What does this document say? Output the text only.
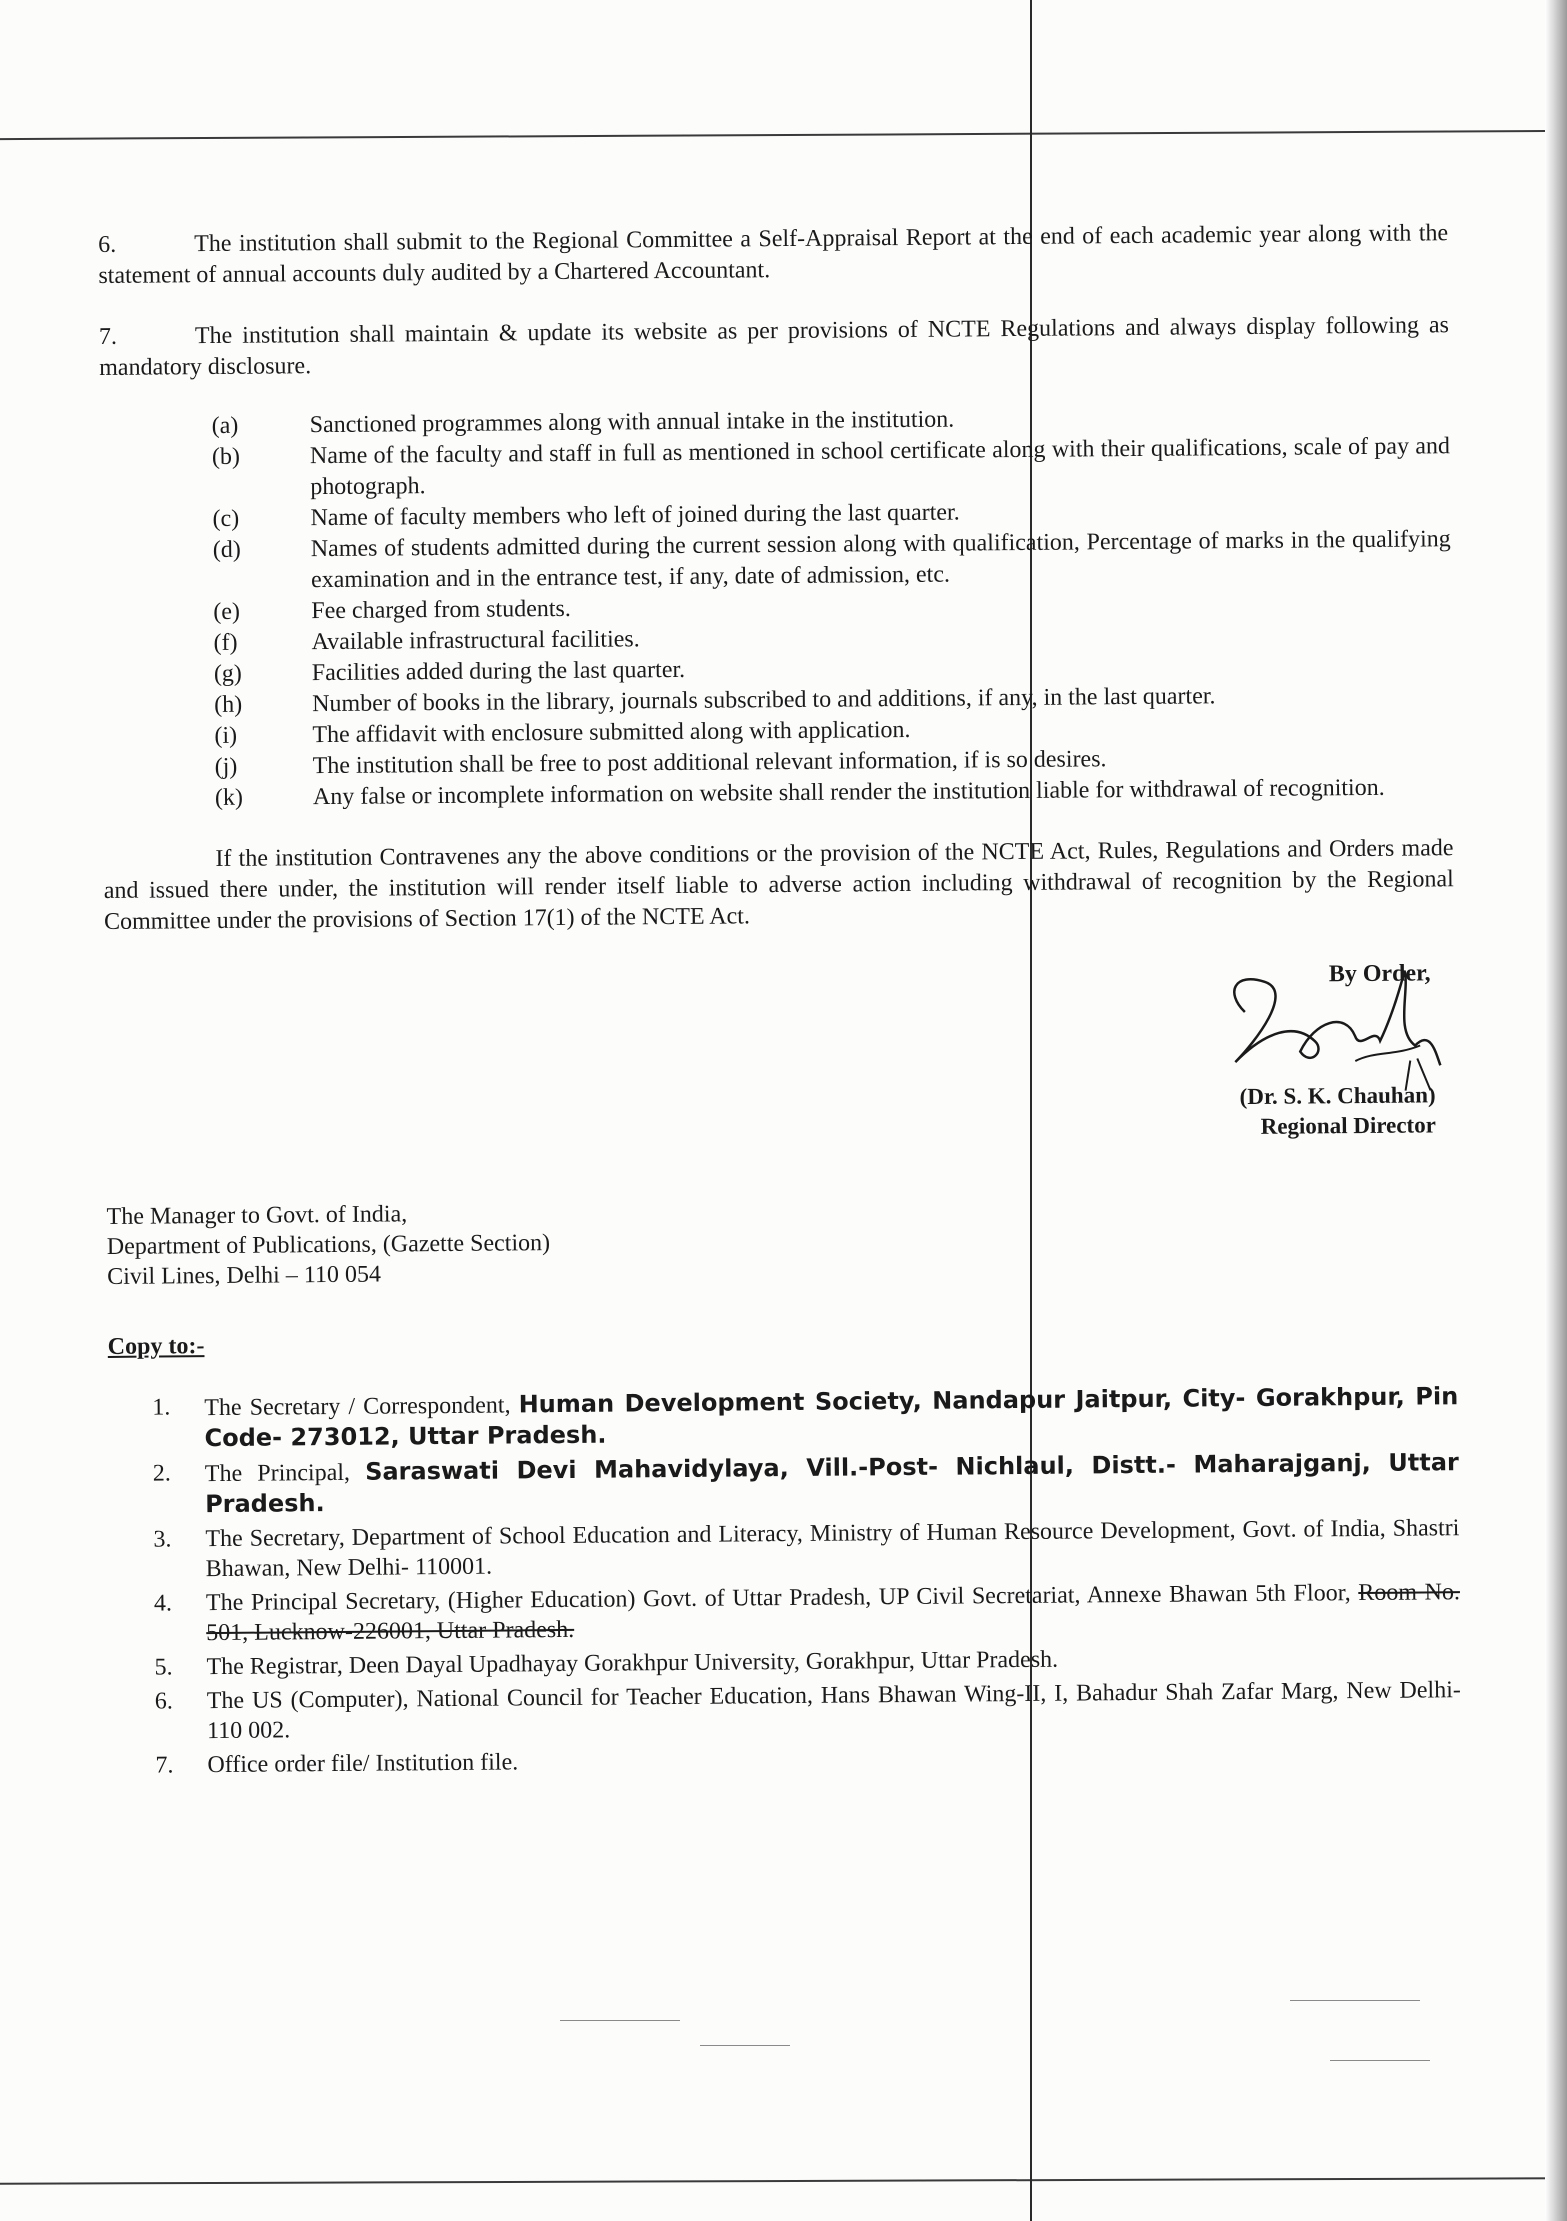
6.	The institution shall submit to the Regional Committee a Self-Appraisal Report at the end of each academic year along with the statement of annual accounts duly audited by a Chartered Accountant.

7.	The institution shall maintain & update its website as per provisions of NCTE Regulations and always display following as mandatory disclosure.

(a)	Sanctioned programmes along with annual intake in the institution.
(b)	Name of the faculty and staff in full as mentioned in school certificate along with their qualifications, scale of pay and photograph.
(c)	Name of faculty members who left of joined during the last quarter.
(d)	Names of students admitted during the current session along with qualification, Percentage of marks in the qualifying examination and in the entrance test, if any, date of admission, etc.
(e)	Fee charged from students.
(f)	Available infrastructural facilities.
(g)	Facilities added during the last quarter.
(h)	Number of books in the library, journals subscribed to and additions, if any, in the last quarter.
(i)	The affidavit with enclosure submitted along with application.
(j)	The institution shall be free to post additional relevant information, if is so desires.
(k)	Any false or incomplete information on website shall render the institution liable for withdrawal of recognition.

If the institution Contravenes any the above conditions or the provision of the NCTE Act, Rules, Regulations and Orders made and issued there under, the institution will render itself liable to adverse action including withdrawal of recognition by the Regional Committee under the provisions of Section 17(1) of the NCTE Act.

By Order,
(Dr. S. K. Chauhan)
Regional Director
The Manager to Govt. of India,
Department of Publications, (Gazette Section)
Civil Lines, Delhi – 110 054
Copy to:-
1. The Secretary / Correspondent, Human Development Society, Nandapur Jaitpur, City- Gorakhpur, Pin Code- 273012, Uttar Pradesh.
2. The Principal, Saraswati Devi Mahavidylaya, Vill.-Post- Nichlaul, Distt.- Maharajganj, Uttar Pradesh.
3. The Secretary, Department of School Education and Literacy, Ministry of Human Resource Development, Govt. of India, Shastri Bhawan, New Delhi- 110001.
4. The Principal Secretary, (Higher Education) Govt. of Uttar Pradesh, UP Civil Secretariat, Annexe Bhawan 5th Floor, Room No. 501, Lucknow-226001, Uttar Pradesh.
5. The Registrar, Deen Dayal Upadhayay Gorakhpur University, Gorakhpur, Uttar Pradesh.
6. The US (Computer), National Council for Teacher Education, Hans Bhawan Wing-II, I, Bahadur Shah Zafar Marg, New Delhi- 110 002.
7. Office order file/ Institution file.
